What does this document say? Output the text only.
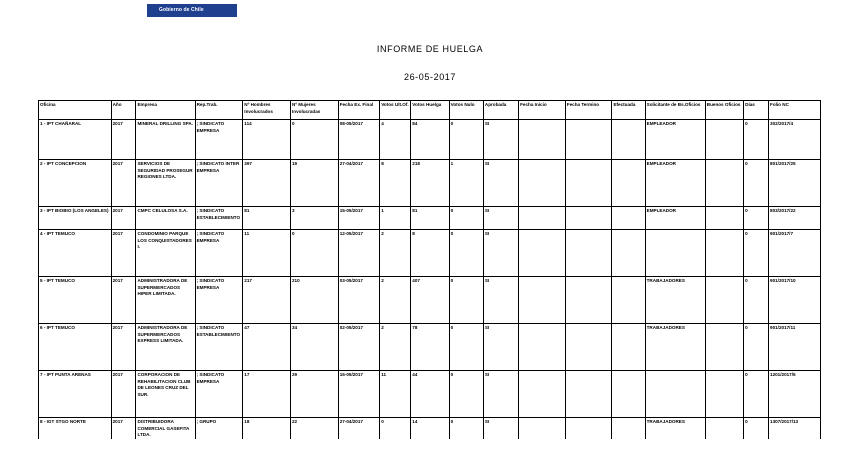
Gobierno de Chile
INFORME DE HUELGA
26-05-2017
Oficina	Año	Empresa	Rep.Trab.	Nº Hombres Involucrados	Nº Mujeres Involucradas	Fecha Ex. Final	Votos Ult.Of.	Votos Huelga	Votos Nulo	Aprobada	Fecha Inicio	Fecha Termino	Efectuada	Solicitante de Bs.Oficios	Buenos Oficios	Días	Folio NC
1 - IPT CHAÑARAL	2017	MINERAL DRILLING SPA.	; SINDICATO EMPRESA	114	0	08-05/2017	4	84	0	SI				EMPLEADOR		0	302/2017/4
2 - IPT CONCEPCION	2017	SERVICIOS DE SEGURIDAD PROSEGUR REGIONES LTDA.	; SINDICATO INTER EMPRESA	397	19	27-04/2017	8	218	1	SI				EMPLEADOR		0	801/2017/25
3 - IPT BIOBIO (LOS ANGELES)	2017	CMPC CELULOSA S.A.	; SINDICATO ESTABLECIMIENTO	81	3	15-05/2017	1	81	0	SI				EMPLEADOR		0	803/2017/22
4 - IPT TEMUCO	2017	CONDOMINIO PARQUE LOS CONQUISTADORES I.	; SINDICATO EMPRESA	11	0	12-05/2017	2	8	0	SI						0	901/2017/7
5 - IPT TEMUCO	2017	ADMINISTRADORA DE SUPERMERCADOS HIPER LIMITADA.	; SINDICATO EMPRESA	217	210	03-05/2017	2	407	0	SI				TRABAJADORES		0	901/2017/10
6 - IPT TEMUCO	2017	ADMINISTRADORA DE SUPERMERCADOS EXPRESS LIMITADA.	; SINDICATO ESTABLECIMIENTO	47	34	02-05/2017	2	78	0	SI				TRABAJADORES		0	901/2017/11
7 - IPT PUNTA ARENAS	2017	CORPORACION DE REHABILITACION CLUB DE LEONES CRUZ DEL SUR.	; SINDICATO EMPRESA	17	29	15-05/2017	11	44	0	SI						0	1201/2017/5
8 - IGT STGO NORTE	2017	DISTRIBUIDORA COMERCIAL GASEFITA LTDA.	; GRUPO	18	22	27-04/2017	0	14	0	SI				TRABAJADORES		0	1307/2017/13
